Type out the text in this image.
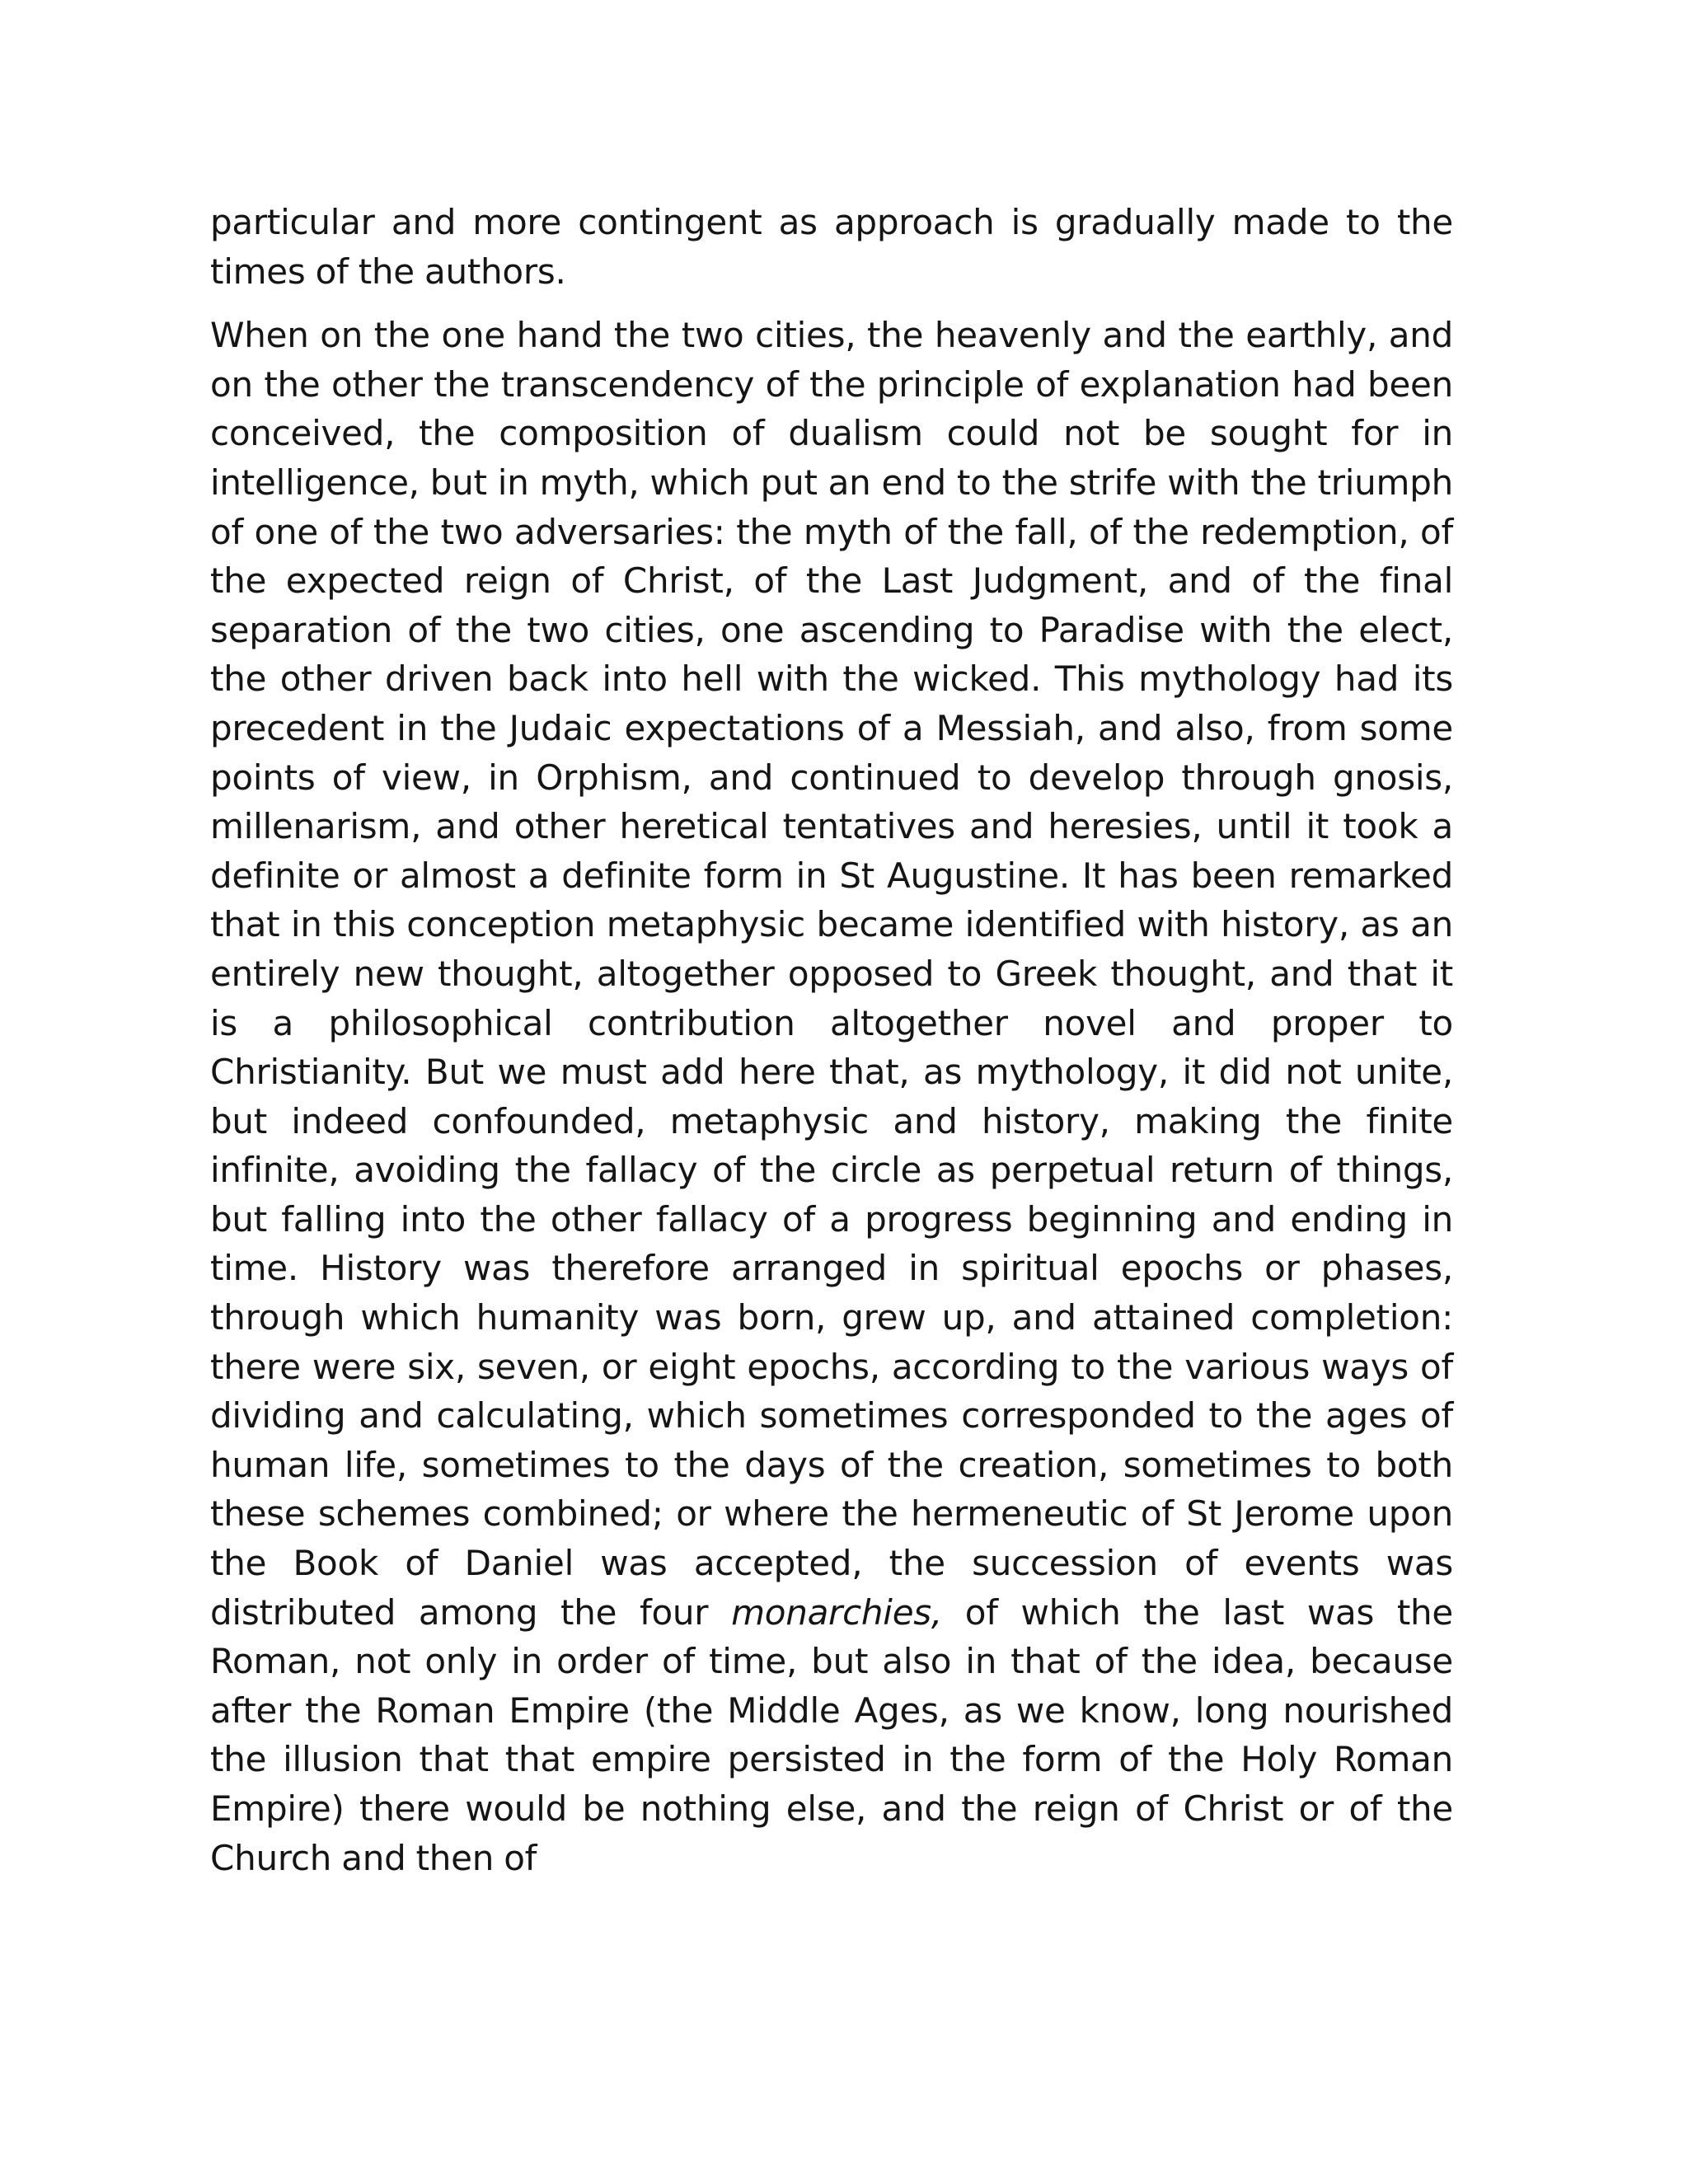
particular and more contingent as approach is gradually made to the times of the authors.

When on the one hand the two cities, the heavenly and the earthly, and on the other the transcendency of the principle of explanation had been conceived, the composition of dualism could not be sought for in intelligence, but in myth, which put an end to the strife with the triumph of one of the two adversaries: the myth of the fall, of the redemption, of the expected reign of Christ, of the Last Judgment, and of the final separation of the two cities, one ascending to Paradise with the elect, the other driven back into hell with the wicked. This mythology had its precedent in the Judaic expectations of a Messiah, and also, from some points of view, in Orphism, and continued to develop through gnosis, millenarism, and other heretical tentatives and heresies, until it took a definite or almost a definite form in St Augustine. It has been remarked that in this conception metaphysic became identified with history, as an entirely new thought, altogether opposed to Greek thought, and that it is a philosophical contribution altogether novel and proper to Christianity. But we must add here that, as mythology, it did not unite, but indeed confounded, metaphysic and history, making the finite infinite, avoiding the fallacy of the circle as perpetual return of things, but falling into the other fallacy of a progress beginning and ending in time. History was therefore arranged in spiritual epochs or phases, through which humanity was born, grew up, and attained completion: there were six, seven, or eight epochs, according to the various ways of dividing and calculating, which sometimes corresponded to the ages of human life, sometimes to the days of the creation, sometimes to both these schemes combined; or where the hermeneutic of St Jerome upon the Book of Daniel was accepted, the succession of events was distributed among the four monarchies, of which the last was the Roman, not only in order of time, but also in that of the idea, because after the Roman Empire (the Middle Ages, as we know, long nourished the illusion that that empire persisted in the form of the Holy Roman Empire) there would be nothing else, and the reign of Christ or of the Church and then of
